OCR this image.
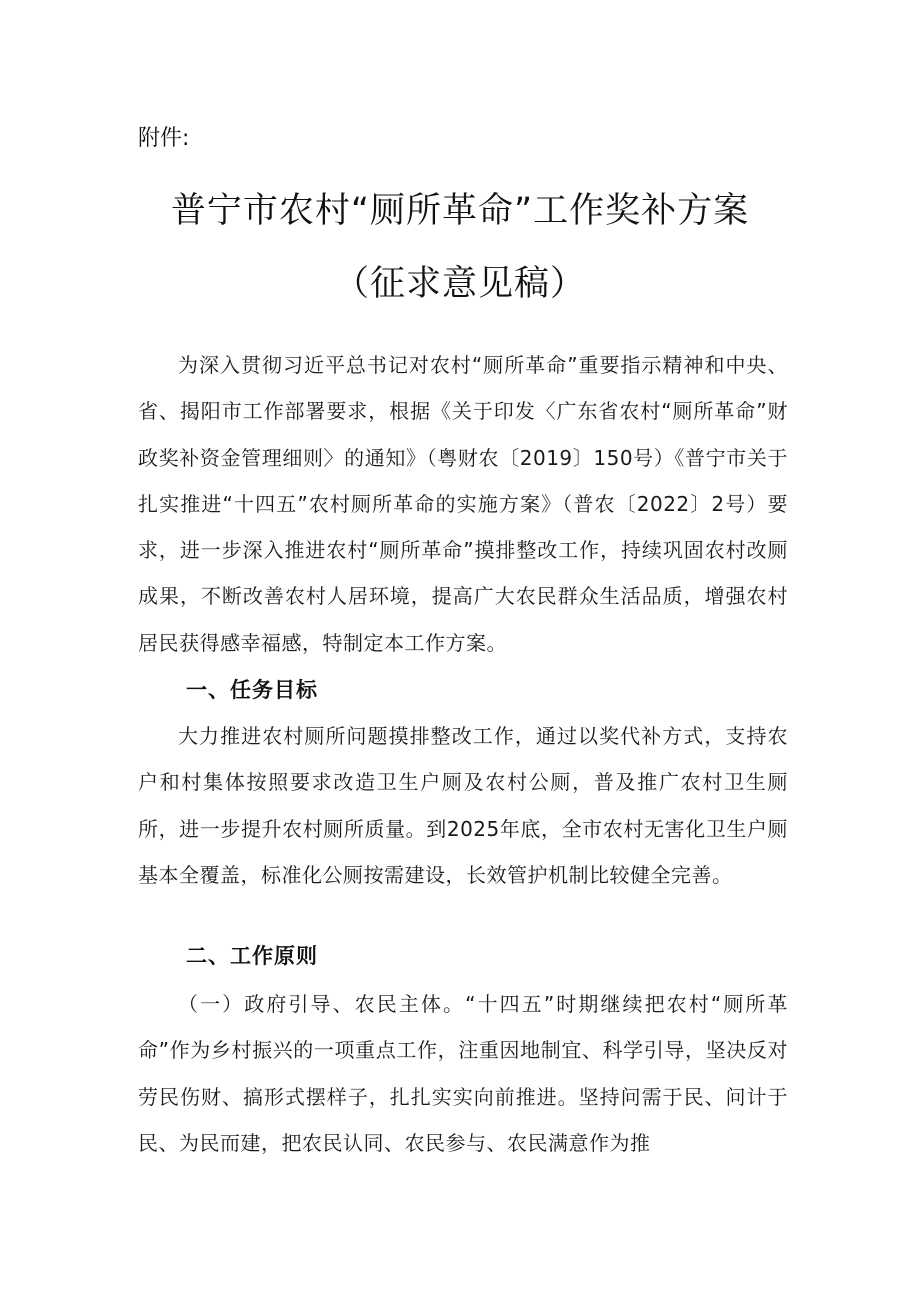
附件:
普宁市农村“厕所革命”工作奖补方案
（征求意见稿）

为深入贯彻习近平总书记对农村“厕所革命”重要指示精神和中央、省、揭阳市工作部署要求，根据《关于印发〈广东省农村“厕所革命”财政奖补资金管理细则〉的通知》（粤财农〔2019〕150号）《普宁市关于扎实推进“十四五”农村厕所革命的实施方案》（普农〔2022〕2号）要求，进一步深入推进农村“厕所革命”摸排整改工作，持续巩固农村改厕成果，不断改善农村人居环境，提高广大农民群众生活品质，增强农村居民获得感幸福感，特制定本工作方案。

一、任务目标

大力推进农村厕所问题摸排整改工作，通过以奖代补方式，支持农户和村集体按照要求改造卫生户厕及农村公厕，普及推广农村卫生厕所，进一步提升农村厕所质量。到2025年底，全市农村无害化卫生户厕基本全覆盖，标准化公厕按需建设，长效管护机制比较健全完善。

二、工作原则

（一）政府引导、农民主体。“十四五”时期继续把农村“厕所革命”作为乡村振兴的一项重点工作，注重因地制宜、科学引导，坚决反对劳民伤财、搞形式摆样子，扎扎实实向前推进。坚持问需于民、问计于民、为民而建，把农民认同、农民参与、农民满意作为推
